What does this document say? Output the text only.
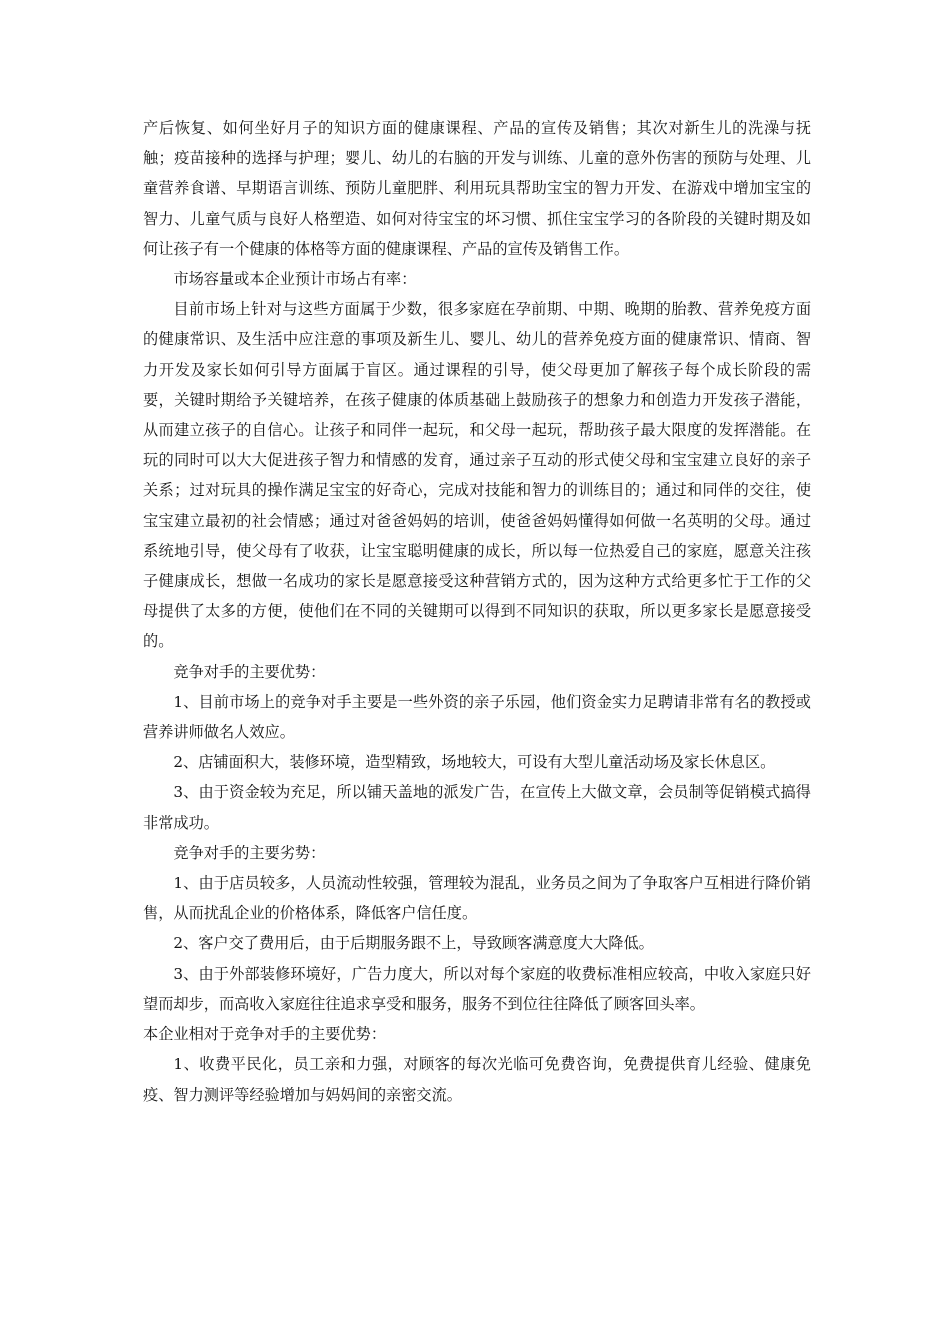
产后恢复、如何坐好月子的知识方面的健康课程、产品的宣传及销售；其次对新生儿的洗澡与抚触；疫苗接种的选择与护理；婴儿、幼儿的右脑的开发与训练、儿童的意外伤害的预防与处理、儿童营养食谱、早期语言训练、预防儿童肥胖、利用玩具帮助宝宝的智力开发、在游戏中增加宝宝的智力、儿童气质与良好人格塑造、如何对待宝宝的坏习惯、抓住宝宝学习的各阶段的关键时期及如何让孩子有一个健康的体格等方面的健康课程、产品的宣传及销售工作。

市场容量或本企业预计市场占有率：

目前市场上针对与这些方面属于少数，很多家庭在孕前期、中期、晚期的胎教、营养免疫方面的健康常识、及生活中应注意的事项及新生儿、婴儿、幼儿的营养免疫方面的健康常识、情商、智力开发及家长如何引导方面属于盲区。通过课程的引导，使父母更加了解孩子每个成长阶段的需要，关键时期给予关键培养，在孩子健康的体质基础上鼓励孩子的想象力和创造力开发孩子潜能，从而建立孩子的自信心。让孩子和同伴一起玩，和父母一起玩，帮助孩子最大限度的发挥潜能。在玩的同时可以大大促进孩子智力和情感的发育，通过亲子互动的形式使父母和宝宝建立良好的亲子关系；过对玩具的操作满足宝宝的好奇心，完成对技能和智力的训练目的；通过和同伴的交往，使宝宝建立最初的社会情感；通过对爸爸妈妈的培训，使爸爸妈妈懂得如何做一名英明的父母。通过系统地引导，使父母有了收获，让宝宝聪明健康的成长，所以每一位热爱自己的家庭，愿意关注孩子健康成长，想做一名成功的家长是愿意接受这种营销方式的，因为这种方式给更多忙于工作的父母提供了太多的方便，使他们在不同的关键期可以得到不同知识的获取，所以更多家长是愿意接受的。

竞争对手的主要优势：

1、目前市场上的竞争对手主要是一些外资的亲子乐园，他们资金实力足聘请非常有名的教授或营养讲师做名人效应。

2、店铺面积大，装修环境，造型精致，场地较大，可设有大型儿童活动场及家长休息区。

3、由于资金较为充足，所以铺天盖地的派发广告，在宣传上大做文章，会员制等促销模式搞得非常成功。

竞争对手的主要劣势：

1、由于店员较多，人员流动性较强，管理较为混乱，业务员之间为了争取客户互相进行降价销售，从而扰乱企业的价格体系，降低客户信任度。

2、客户交了费用后，由于后期服务跟不上，导致顾客满意度大大降低。

3、由于外部装修环境好，广告力度大，所以对每个家庭的收费标准相应较高，中收入家庭只好望而却步，而高收入家庭往往追求享受和服务，服务不到位往往降低了顾客回头率。

本企业相对于竞争对手的主要优势：

1、收费平民化，员工亲和力强，对顾客的每次光临可免费咨询，免费提供育儿经验、健康免疫、智力测评等经验增加与妈妈间的亲密交流。
